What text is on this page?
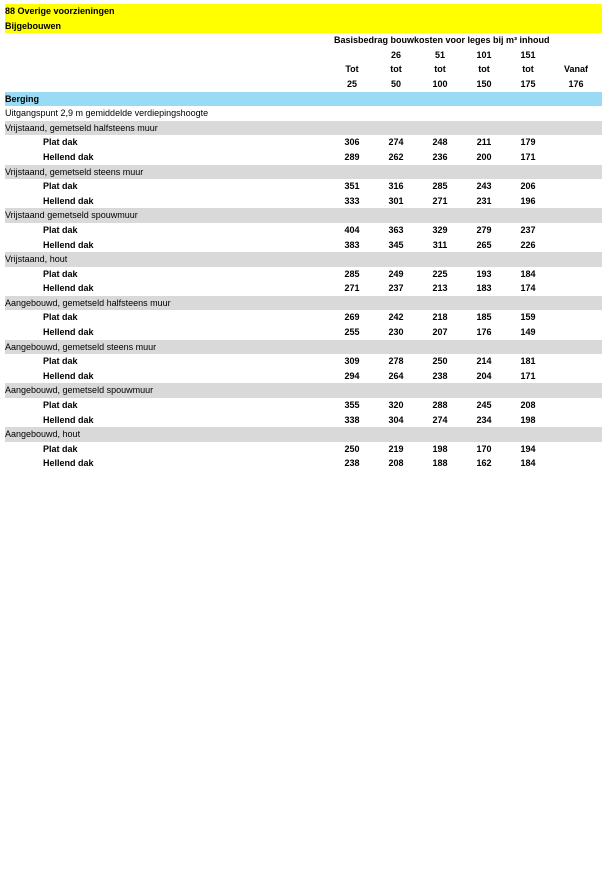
88 Overige voorzieningen						
Bijgebouwen						
	Basisbedrag bouwkosten voor leges bij m³ inhoud					
		26	51	101	151	
	Tot	tot	tot	tot	tot	Vanaf
	25	50	100	150	175	176
Berging						
Uitgangspunt 2,9 m gemiddelde verdiepingshoogte						
Vrijstaand, gemetseld halfsteens muur						
Plat dak	306	274	248	211	179	
Hellend dak	289	262	236	200	171	
Vrijstaand, gemetseld steens muur						
Plat dak	351	316	285	243	206	
Hellend dak	333	301	271	231	196	
Vrijstaand gemetseld spouwmuur						
Plat dak	404	363	329	279	237	
Hellend dak	383	345	311	265	226	
Vrijstaand, hout						
Plat dak	285	249	225	193	184	
Hellend dak	271	237	213	183	174	
Aangebouwd, gemetseld halfsteens muur						
Plat dak	269	242	218	185	159	
Hellend dak	255	230	207	176	149	
Aangebouwd, gemetseld steens muur						
Plat dak	309	278	250	214	181	
Hellend dak	294	264	238	204	171	
Aangebouwd, gemetseld spouwmuur						
Plat dak	355	320	288	245	208	
Hellend dak	338	304	274	234	198	
Aangebouwd, hout						
Plat dak	250	219	198	170	194	
Hellend dak	238	208	188	162	184	
